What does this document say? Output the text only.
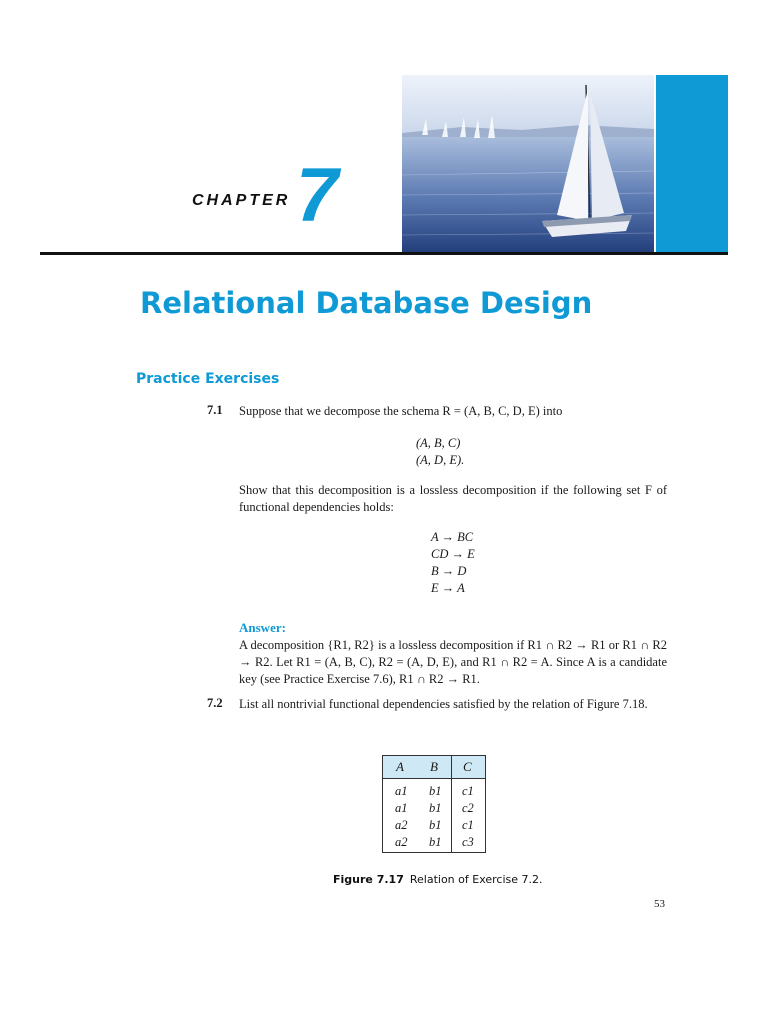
CHAPTER 7
Relational Database Design
Practice Exercises
7.1 Suppose that we decompose the schema R = (A, B, C, D, E) into
(A, B, C)
(A, D, E).
Show that this decomposition is a lossless decomposition if the following set F of functional dependencies holds:
A → BC
CD → E
B → D
E → A
Answer:
A decomposition {R1, R2} is a lossless decomposition if R1 ∩ R2 → R1 or R1 ∩ R2 → R2. Let R1 = (A, B, C), R2 = (A, D, E), and R1 ∩ R2 = A. Since A is a candidate key (see Practice Exercise 7.6), R1 ∩ R2 → R1.
7.2 List all nontrivial functional dependencies satisfied by the relation of Figure 7.18.
A B C
a1 b1 c1
a1 b1 c2
a2 b1 c1
a2 b1 c3
Figure 7.17 Relation of Exercise 7.2.
53
